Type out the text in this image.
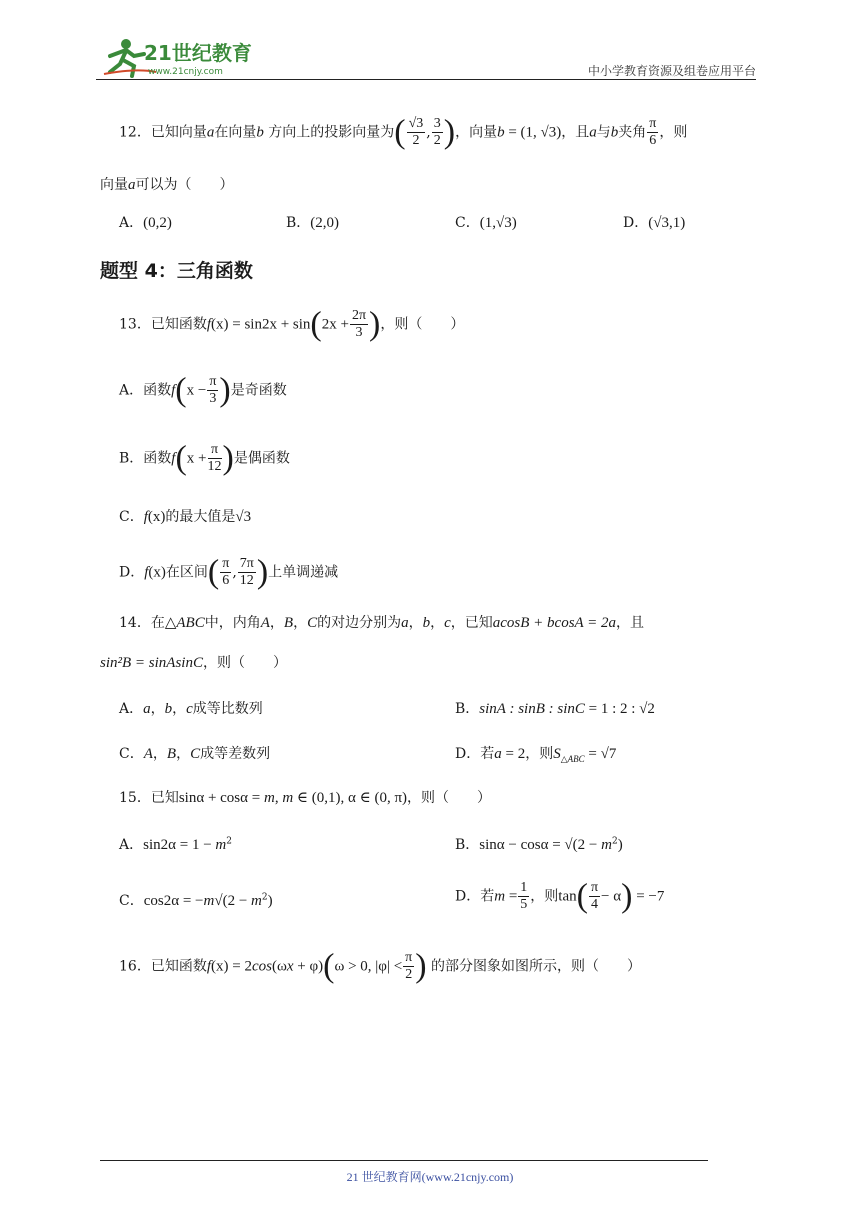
21世纪教育
www.21cnjy.com	中小学教育资源及组卷应用平台
12．已知向量a在向量b 方向上的投影向量为( $\frac{√3}{2}$ , $\frac{3}{2}$ )，向量b = (1, √3)，且a与b夹角 $\frac{\pi}{6}$ ，则
向量a可以为（　　）
A．(0,2)	B．(2,0)	C．(1,√3)	D．(√3,1)
题型 4：三角函数
13．已知函数$f(x) = \sin 2x + \sin(2x + \frac{2\pi}{3}$ )，则（　　）
A．函数$f(x - \frac{\pi}{3}$ )是奇函数
B．函数$f(x + \frac{\pi}{12}$ )是偶函数
C．f(x)的最大值是√3
D．f(x)在区间( $\frac{\pi}{6}$ , $\frac{7\pi}{12}$ )上单调递减
14．在△ABC中，内角A，B，C的对边分别为a，b，c，已知acosB + bcosA = 2a，且
sin²B = sinAsinC，则（　　）
A．a，b，c成等比数列	B．sinA : sinB : sinC = 1 : 2 : √2
C．A，B，C成等差数列	D．若a = 2，则$S_{\triangle ABC} = √7$
15．已知sinα + cosα = m, m ∈ (0,1), α ∈ (0, π)，则（　　）
A．$\sin 2\alpha = 1 - m^2$	B．$\sin\alpha - \cos\alpha = √(2 - m^2)$
C．$\cos 2\alpha = -m√(2 - m^2)$	D．若$m = \frac{1}{5}$ ，则$\tan( \frac{\pi}{4} - \alpha) = -7$
16．已知函数f(x) = 2cos(ωx + φ)(ω > 0, $|\varphi| < \frac{\pi}{2}$ ) 的部分图象如图所示，则（　　）
21 世纪教育网(www.21cnjy.com)
